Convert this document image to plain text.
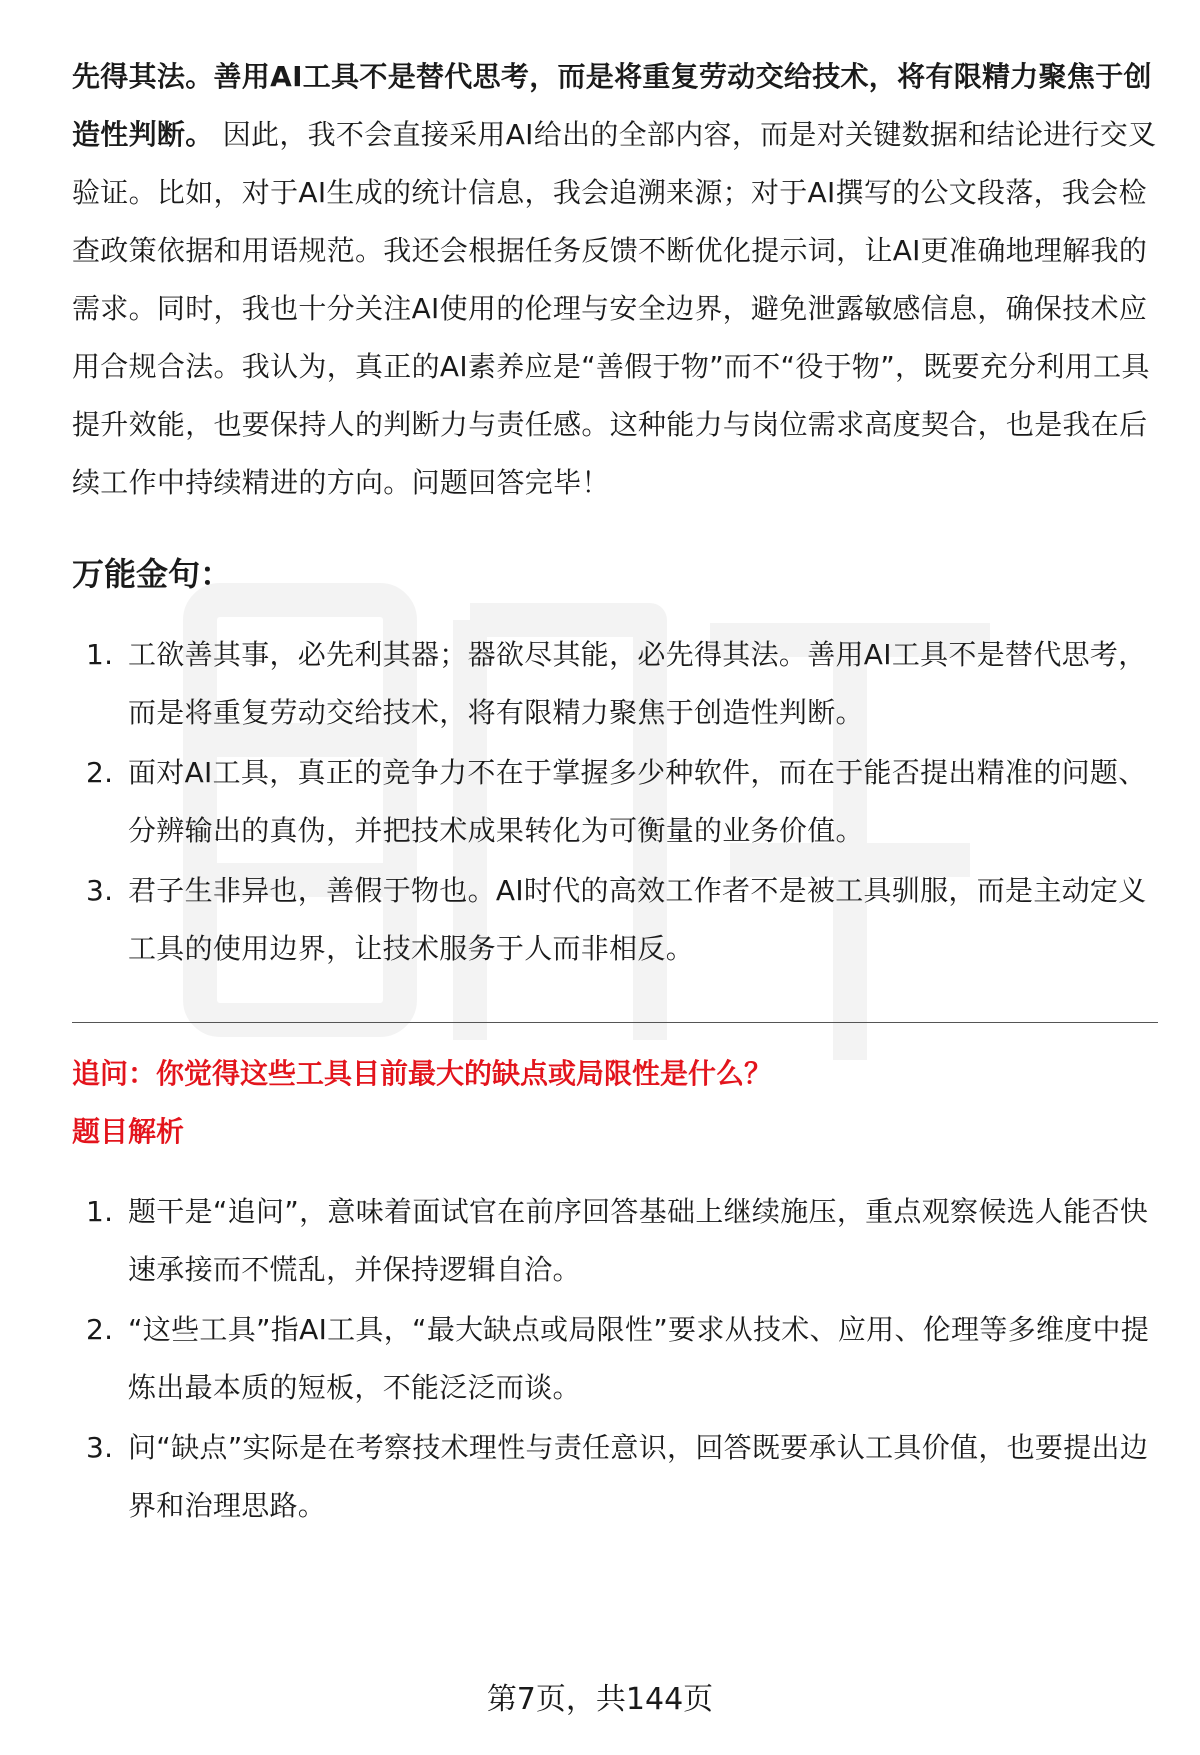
先得其法。善用AI工具不是替代思考，而是将重复劳动交给技术，将有限精力聚焦于创造性判断。 因此，我不会直接采用AI给出的全部内容，而是对关键数据和结论进行交叉验证。比如，对于AI生成的统计信息，我会追溯来源；对于AI撰写的公文段落，我会检查政策依据和用语规范。我还会根据任务反馈不断优化提示词，让AI更准确地理解我的需求。同时，我也十分关注AI使用的伦理与安全边界，避免泄露敏感信息，确保技术应用合规合法。我认为，真正的AI素养应是“善假于物”而不“役于物”，既要充分利用工具提升效能，也要保持人的判断力与责任感。这种能力与岗位需求高度契合，也是我在后续工作中持续精进的方向。问题回答完毕！

万能金句：
1. 工欲善其事，必先利其器；器欲尽其能，必先得其法。善用AI工具不是替代思考，而是将重复劳动交给技术，将有限精力聚焦于创造性判断。
2. 面对AI工具，真正的竞争力不在于掌握多少种软件，而在于能否提出精准的问题、分辨输出的真伪，并把技术成果转化为可衡量的业务价值。
3. 君子生非异也，善假于物也。AI时代的高效工作者不是被工具驯服，而是主动定义工具的使用边界，让技术服务于人而非相反。

追问：你觉得这些工具目前最大的缺点或局限性是什么？

题目解析

1. 题干是“追问”，意味着面试官在前序回答基础上继续施压，重点观察候选人能否快速承接而不慌乱，并保持逻辑自洽。
2. “这些工具”指AI工具，“最大缺点或局限性”要求从技术、应用、伦理等多维度中提炼出最本质的短板，不能泛泛而谈。
3. 问“缺点”实际是在考察技术理性与责任意识，回答既要承认工具价值，也要提出边界和治理思路。
第7页，共144页
